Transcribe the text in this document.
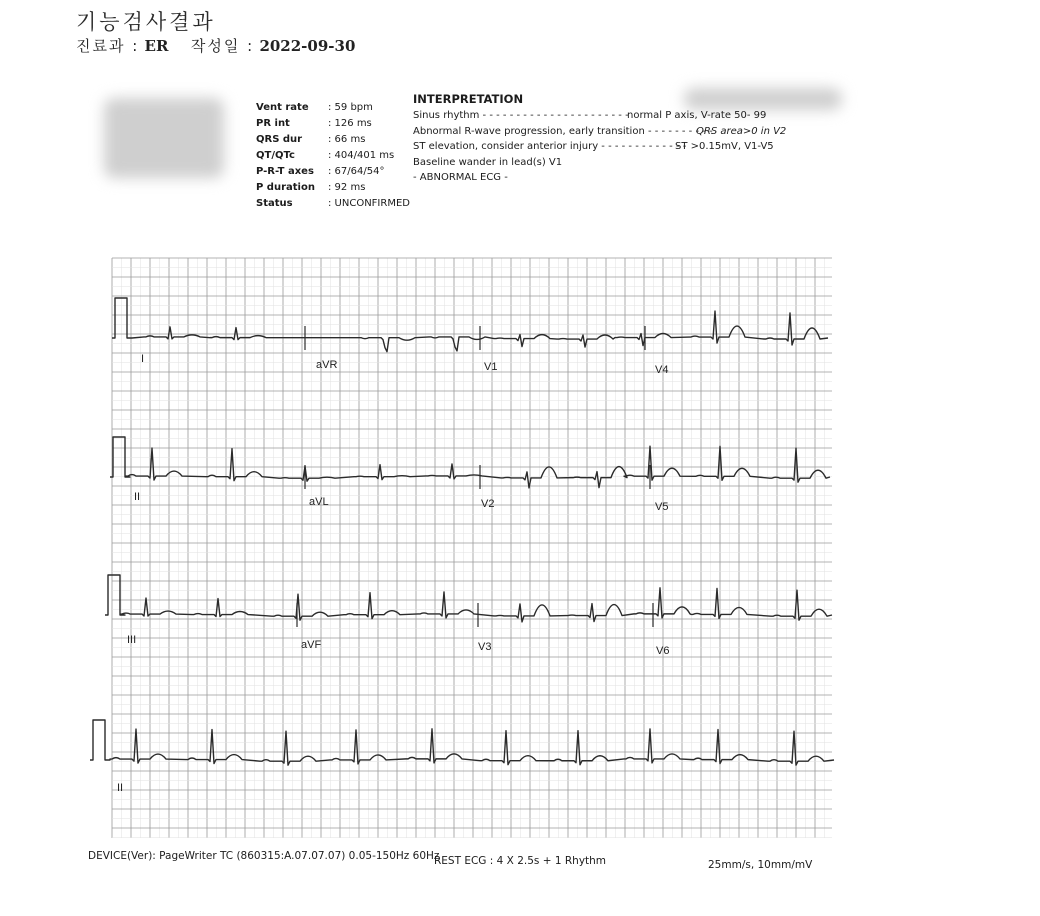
기능검사결과
진료과 : ER 작성일 : 2022-09-30
Vent rate	: 59 bpm
PR int	: 126 ms
QRS dur	: 66 ms
QT/QTc	: 404/401 ms
P-R-T axes	: 67/64/54°
P duration	: 92 ms
Status	: UNCONFIRMED
INTERPRETATION
Sinus rhythm - - - - - - - - - - - - - - - - - - - - - -
normal P axis, V-rate 50- 99
Abnormal R-wave progression, early transition - - - - - - - - - -
QRS area>0 in V2
ST elevation, consider anterior injury - - - - - - - - - - - - -
ST >0.15mV, V1-V5
Baseline wander in lead(s) V1
- ABNORMAL ECG -
I	aVR	V1	V4
II	aVL	V2	V5
III	aVF	V3	V6
II
DEVICE(Ver): PageWriter TC (860315:A.07.07.07) 0.05-150Hz 60Hz
REST ECG : 4 X 2.5s + 1 Rhythm	25mm/s, 10mm/mV
